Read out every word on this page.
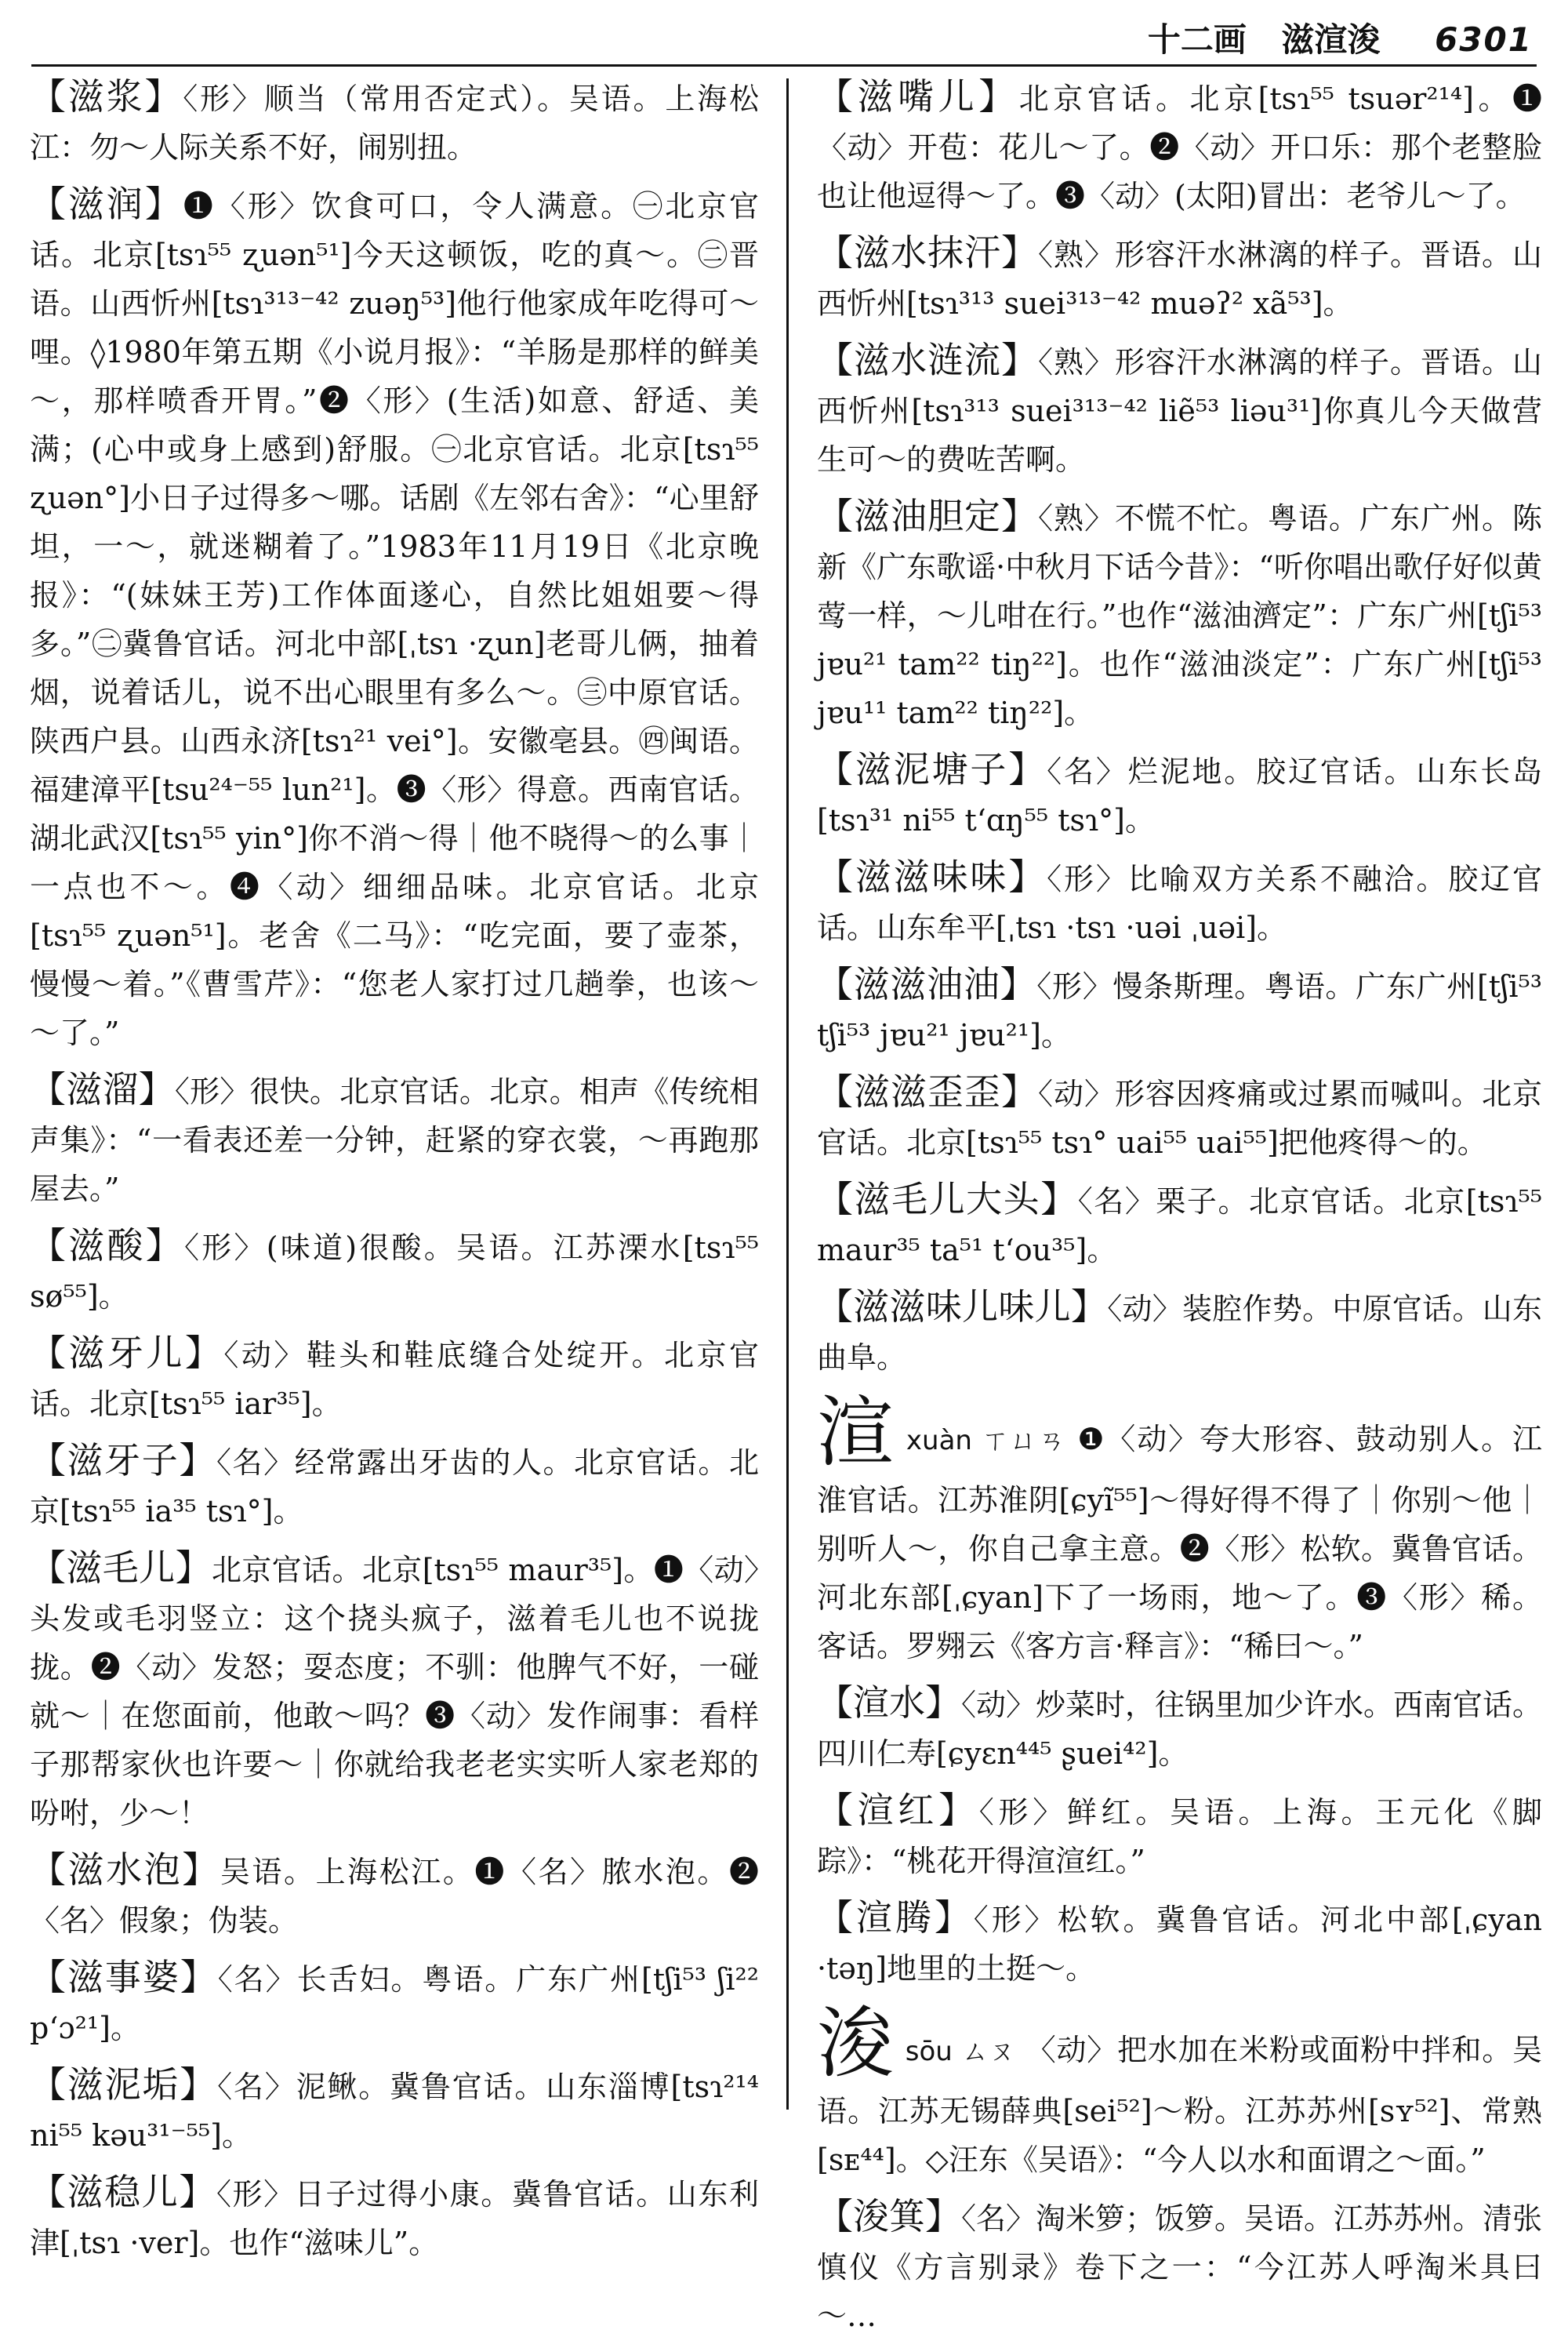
十二画 滋渲浚 6301
【滋浆】〈形〉顺当（常用否定式）。吴语。上海松江：勿～人际关系不好，闹别扭。
【滋润】❶〈形〉饮食可口，令人满意。㊀北京官话。北京[tsɿ⁵⁵ ʐuən⁵¹]今天这顿饭，吃的真～。㊁晋语。山西忻州[tsɿ³¹³⁻⁴² zuəŋ⁵³]他行他家成年吃得可～哩。◊1980年第五期《小说月报》：“羊肠是那样的鲜美～，那样喷香开胃。”❷〈形〉(生活)如意、舒适、美满；(心中或身上感到)舒服。㊀北京官话。北京[tsɿ⁵⁵ ʐuən°]小日子过得多～哪。话剧《左邻右舍》：“心里舒坦，一～，就迷糊着了。”1983年11月19日《北京晚报》：“(妹妹王芳)工作体面遂心，自然比姐姐要～得多。”㊁冀鲁官话。河北中部[ˌtsɿ ·ʐun]老哥儿俩，抽着烟，说着话儿，说不出心眼里有多么～。㊂中原官话。陕西户县。山西永济[tsɿ²¹ vei°]。安徽亳县。㊃闽语。福建漳平[tsu²⁴⁻⁵⁵ lun²¹]。❸〈形〉得意。西南官话。湖北武汉[tsɿ⁵⁵ yin°]你不消～得｜他不晓得～的么事｜一点也不～。❹〈动〉细细品味。北京官话。北京[tsɿ⁵⁵ ʐuən⁵¹]。老舍《二马》：“吃完面，要了壶茶，慢慢～着。”《曹雪芹》：“您老人家打过几趟拳，也该～～了。”
【滋溜】〈形〉很快。北京官话。北京。相声《传统相声集》：“一看表还差一分钟，赶紧的穿衣裳，～再跑那屋去。”
【滋酸】〈形〉(味道)很酸。吴语。江苏溧水[tsɿ⁵⁵ sø⁵⁵]。
【滋牙儿】〈动〉鞋头和鞋底缝合处绽开。北京官话。北京[tsɿ⁵⁵ iar³⁵]。
【滋牙子】〈名〉经常露出牙齿的人。北京官话。北京[tsɿ⁵⁵ ia³⁵ tsɿ°]。
【滋毛儿】北京官话。北京[tsɿ⁵⁵ maur³⁵]。❶〈动〉头发或毛羽竖立：这个挠头疯子，滋着毛儿也不说拢拢。❷〈动〉发怒；耍态度；不驯：他脾气不好，一碰就～｜在您面前，他敢～吗？❸〈动〉发作闹事：看样子那帮家伙也许要～｜你就给我老老实实听人家老郑的吩咐，少～！
【滋水泡】吴语。上海松江。❶〈名〉脓水泡。❷〈名〉假象；伪装。
【滋事婆】〈名〉长舌妇。粤语。广东广州[tʃi⁵³ ʃi²² pʻɔ²¹]。
【滋泥垢】〈名〉泥鳅。冀鲁官话。山东淄博[tsɿ²¹⁴ ni⁵⁵ kəu³¹⁻⁵⁵]。
【滋稳儿】〈形〉日子过得小康。冀鲁官话。山东利津[ˌtsɿ ·ver]。也作“滋味儿”。
【滋嘴儿】北京官话。北京[tsɿ⁵⁵ tsuər²¹⁴]。❶〈动〉开苞：花儿～了。❷〈动〉开口乐：那个老整脸也让他逗得～了。❸〈动〉(太阳)冒出：老爷儿～了。
【滋水抹汗】〈熟〉形容汗水淋漓的样子。晋语。山西忻州[tsɿ³¹³ suei³¹³⁻⁴² muəʔ² xã⁵³]。
【滋水涟流】〈熟〉形容汗水淋漓的样子。晋语。山西忻州[tsɿ³¹³ suei³¹³⁻⁴² liẽ⁵³ liəu³¹]你真儿今天做营生可～的费咗苦啊。
【滋油胆定】〈熟〉不慌不忙。粤语。广东广州。陈新《广东歌谣·中秋月下话今昔》：“听你唱出歌仔好似黄莺一样，～儿咁在行。”也作“滋油濟定”：广东广州[tʃi⁵³ jɐu²¹ tam²² tiŋ²²]。也作“滋油淡定”：广东广州[tʃi⁵³ jɐu¹¹ tam²² tiŋ²²]。
【滋泥塘子】〈名〉烂泥地。胶辽官话。山东长岛[tsɿ³¹ ni⁵⁵ tʻɑŋ⁵⁵ tsɿ°]。
【滋滋味味】〈形〉比喻双方关系不融洽。胶辽官话。山东牟平[ˌtsɿ ·tsɿ ·uəi ˌuəi]。
【滋滋油油】〈形〉慢条斯理。粤语。广东广州[tʃi⁵³ tʃi⁵³ jɐu²¹ jɐu²¹]。
【滋滋歪歪】〈动〉形容因疼痛或过累而喊叫。北京官话。北京[tsɿ⁵⁵ tsɿ° uai⁵⁵ uai⁵⁵]把他疼得～的。
【滋毛儿大头】〈名〉栗子。北京官话。北京[tsɿ⁵⁵ maur³⁵ ta⁵¹ tʻou³⁵]。
【滋滋味儿味儿】〈动〉装腔作势。中原官话。山东曲阜。
渲xuàn ㄒㄩㄢ ❶〈动〉夸大形容、鼓动别人。江淮官话。江苏淮阴[ɕyĩ⁵⁵]～得好得不得了｜你别～他｜别听人～，你自己拿主意。❷〈形〉松软。冀鲁官话。河北东部[ˌɕyan]下了一场雨，地～了。❸〈形〉稀。客话。罗翙云《客方言·释言》：“稀曰～。”
【渲水】〈动〉炒菜时，往锅里加少许水。西南官话。四川仁寿[ɕyɛn⁴⁴⁵ ʂuei⁴²]。
【渲红】〈形〉鲜红。吴语。上海。王元化《脚踪》：“桃花开得渲渲红。”
【渲腾】〈形〉松软。冀鲁官话。河北中部[ˌɕyan ·təŋ]地里的土挺～。
浚sōu ㄙㄡ 〈动〉把水加在米粉或面粉中拌和。吴语。江苏无锡薛典[sei⁵²]～粉。江苏苏州[sʏ⁵²]、常熟[sᴇ⁴⁴]。◇汪东《吴语》：“今人以水和面谓之～面。”
【浚箕】〈名〉淘米箩；饭箩。吴语。江苏苏州。清张慎仪《方言别录》卷下之一：“今江苏人呼淘米具曰～…
